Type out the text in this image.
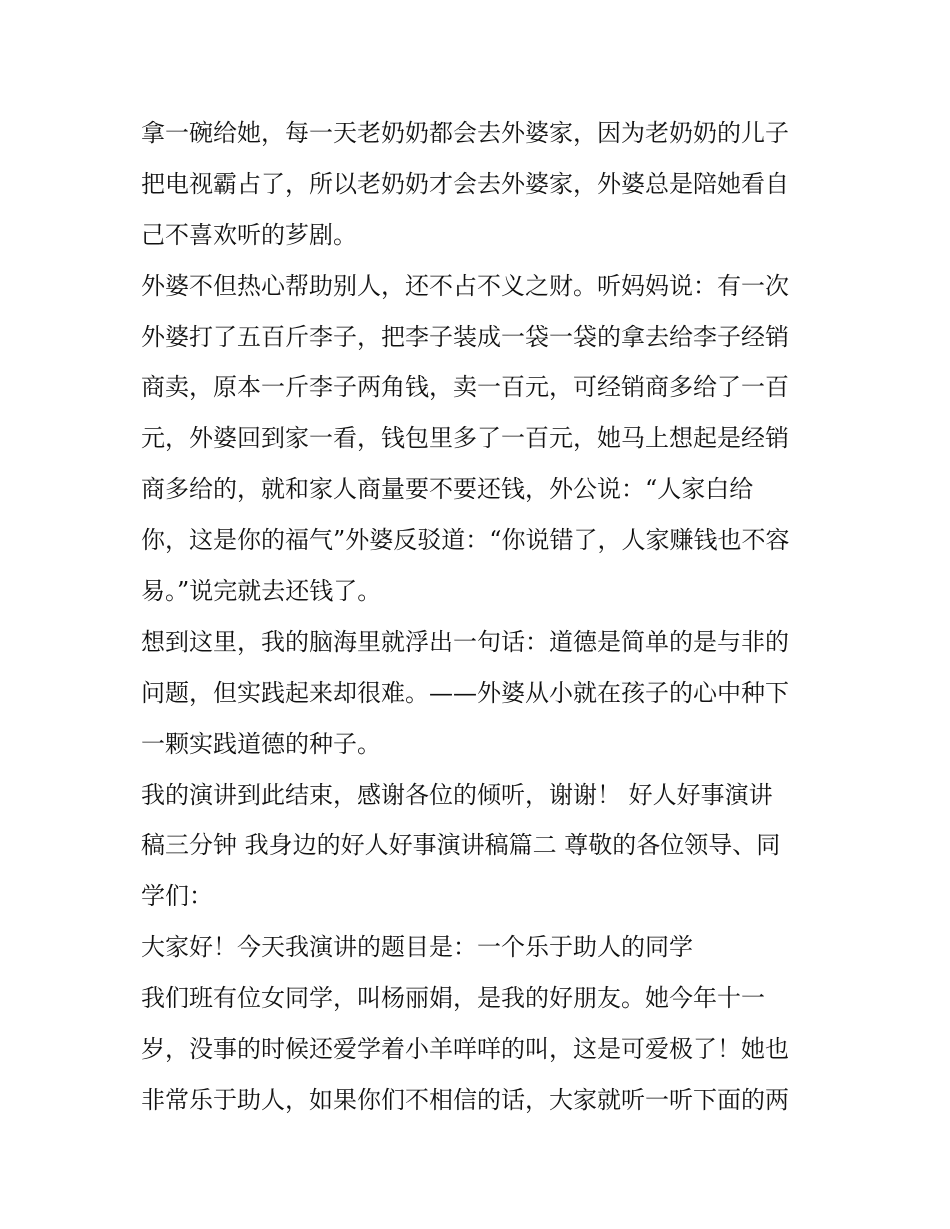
拿一碗给她，每一天老奶奶都会去外婆家，因为老奶奶的儿子
把电视霸占了，所以老奶奶才会去外婆家，外婆总是陪她看自
己不喜欢听的芗剧。
外婆不但热心帮助别人，还不占不义之财。听妈妈说：有一次
外婆打了五百斤李子，把李子装成一袋一袋的拿去给李子经销
商卖，原本一斤李子两角钱，卖一百元，可经销商多给了一百
元，外婆回到家一看，钱包里多了一百元，她马上想起是经销
商多给的，就和家人商量要不要还钱，外公说：“人家白给
你，这是你的福气”外婆反驳道：“你说错了，人家赚钱也不容
易。”说完就去还钱了。
想到这里，我的脑海里就浮出一句话：道德是简单的是与非的
问题，但实践起来却很难。——外婆从小就在孩子的心中种下
一颗实践道德的种子。
我的演讲到此结束，感谢各位的倾听，谢谢！ 好人好事演讲
稿三分钟 我身边的好人好事演讲稿篇二 尊敬的各位领导、同
学们：
大家好！今天我演讲的题目是：一个乐于助人的同学
我们班有位女同学，叫杨丽娟，是我的好朋友。她今年十一
岁，没事的时候还爱学着小羊咩咩的叫，这是可爱极了！她也
非常乐于助人，如果你们不相信的话，大家就听一听下面的两
